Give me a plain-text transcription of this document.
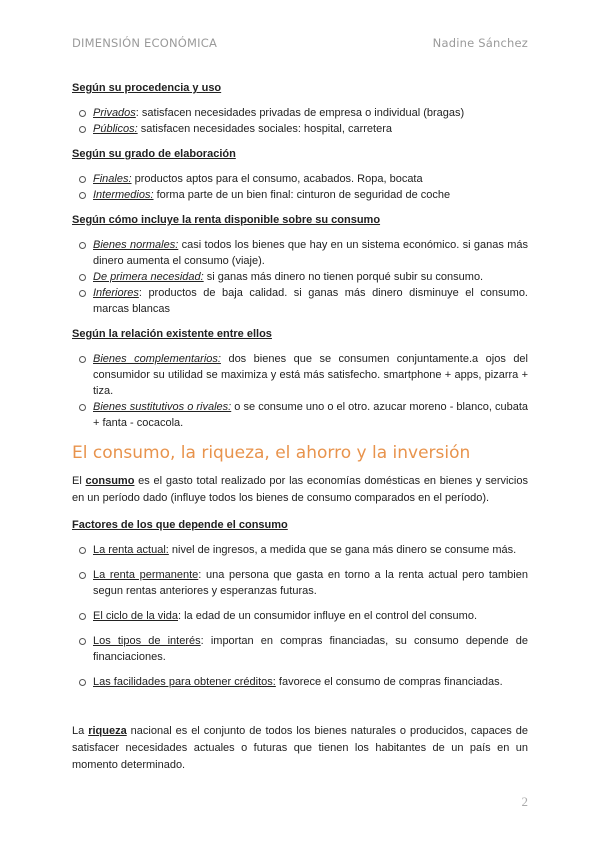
DIMENSIÓN ECONÓMICA	Nadine Sánchez

Según su procedencia y uso

Privados: satisfacen necesidades privadas de empresa o individual (bragas)
Públicos: satisfacen necesidades sociales: hospital, carretera

Según su grado de elaboración

Finales: productos aptos para el consumo, acabados. Ropa, bocata
Intermedios: forma parte de un bien final: cinturon de seguridad de coche

Según cómo incluye la renta disponible sobre su consumo

Bienes normales: casi todos los bienes que hay en un sistema económico. si ganas más dinero aumenta el consumo (viaje).
De primera necesidad: si ganas más dinero no tienen porqué subir su consumo.
Inferiores: productos de baja calidad. si ganas más dinero disminuye el consumo. marcas blancas

Según la relación existente entre ellos

Bienes complementarios: dos bienes que se consumen conjuntamente.a ojos del consumidor su utilidad se maximiza y está más satisfecho. smartphone + apps, pizarra + tiza.
Bienes sustitutivos o rivales: o se consume uno o el otro. azucar moreno - blanco, cubata + fanta - cocacola.

El consumo, la riqueza, el ahorro y la inversión

El consumo es el gasto total realizado por las economías domésticas en bienes y servicios en un período dado (influye todos los bienes de consumo comparados en el período).

Factores de los que depende el consumo

La renta actual: nivel de ingresos, a medida que se gana más dinero se consume más.
La renta permanente: una persona que gasta en torno a la renta actual pero tambien segun rentas anteriores y esperanzas futuras.
El ciclo de la vida: la edad de un consumidor influye en el control del consumo.
Los tipos de interés: importan en compras financiadas, su consumo depende de financiaciones.
Las facilidades para obtener créditos: favorece el consumo de compras financiadas.

La riqueza nacional es el conjunto de todos los bienes naturales o producidos, capaces de satisfacer necesidades actuales o futuras que tienen los habitantes de un país en un momento determinado.

2
